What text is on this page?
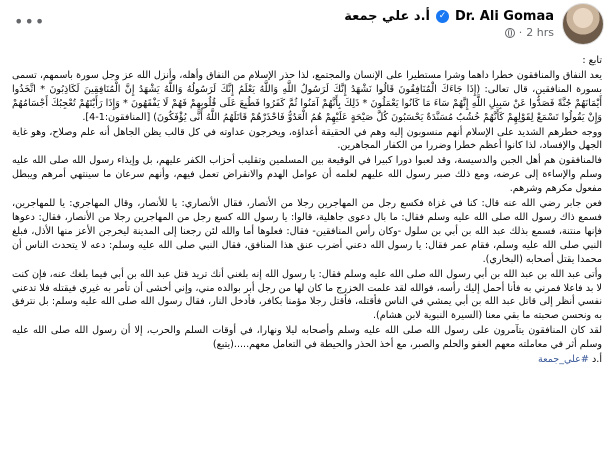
Dr. Ali Gomaa
✓
أ.د علي جمعة
2 hrs
·
•••

تابع :

يعد النفاق والمنافقون خطرا داهما وشرا مستطيرا على الإنسان والمجتمع، لذا حذر الإسلام من النفاق وأهله، وأنزل الله عز وجل سورة باسمهم، تسمى بسورة المنافقين، قال تعالى: (إِذَا جَاءَكَ الْمُنَافِقُونَ قَالُوا نَشْهَدُ إِنَّكَ لَرَسُولُ اللَّهِ وَاللَّهُ يَعْلَمُ إِنَّكَ لَرَسُولُهُ وَاللَّهُ يَشْهَدُ إِنَّ الْمُنَافِقِينَ لَكَاذِبُونَ * اتَّخَذُوا أَيْمَانَهُمْ جُنَّةً فَصَدُّوا عَنْ سَبِيلِ اللَّهِ إِنَّهُمْ سَاءَ مَا كَانُوا يَعْمَلُونَ * ذَلِكَ بِأَنَّهُمْ آمَنُوا ثُمَّ كَفَرُوا فَطُبِعَ عَلَى قُلُوبِهِمْ فَهُمْ لَا يَفْقَهُونَ * وَإِذَا رَأَيْتَهُمْ تُعْجِبُكَ أَجْسَامُهُمْ وَإِنْ يَقُولُوا تَسْمَعْ لِقَوْلِهِمْ كَأَنَّهُمْ خُشُبٌ مُسَنَّدَةٌ يَحْسَبُونَ كُلَّ صَيْحَةٍ عَلَيْهِمْ هُمُ الْعَدُوُّ فَاحْذَرْهُمْ قَاتَلَهُمُ اللَّهُ أَنَّى يُؤْفَكُونَ) [المنافقون:1-4].

ووجه خطرهم الشديد على الإسلام أنهم منسوبون إليه وهم في الحقيقة أعداؤه، ويخرجون عداوته في كل قالب يظن الجاهل أنه علم وصلاح، وهو غاية الجهل والإفساد، لذا كانوا أعظم خطرا وضررا من الكفار المجاهرين.

فالمنافقون هم أهل الجبن والدسيسة، وقد لعبوا دورا كبيرا في الوقيعة بين المسلمين وتقليب أحزاب الكفر عليهم، بل وإيذاء رسول الله صلى الله عليه وسلم والإساءة إلى عرضه، ومع ذلك صبر رسول الله عليهم لعلمه أن عوامل الهدم والانقراض تعمل فيهم، وأنهم سرعان ما سينتهي أمرهم ويبطل مفعول مكرهم وشرهم.

فعن جابر رضي الله عنه قال: كنا في غزاة فكسع رجل من المهاجرين رجلا من الأنصار، فقال الأنصاري: يا للأنصار، وقال المهاجري: يا للمهاجرين، فسمع ذاك رسول الله صلى الله عليه وسلم فقال: ما بال دعوى جاهلية، قالوا: يا رسول الله كسع رجل من المهاجرين رجلا من الأنصار، فقال: دعوها فإنها منتنة، فسمع بذلك عبد الله بن أبي بن سلول -وكان رأس المنافقين- فقال: فعلوها أما والله لئن رجعنا إلى المدينة ليخرجن الأعز منها الأذل، فبلغ النبي صلى الله عليه وسلم، فقام عمر فقال: يا رسول الله دعني أضرب عنق هذا المنافق، فقال النبي صلى الله عليه وسلم: دعه لا يتحدث الناس أن محمدا يقتل أصحابه (البخاري).

وأتى عبد الله بن عبد الله بن أبي رسول الله صلى الله عليه وسلم فقال: يا رسول الله إنه بلغني أنك تريد قتل عبد الله بن أبي فيما بلغك عنه، فإن كنت لا بد فاعلا فمرني به فأنا أحمل إليك رأسه، فوالله لقد علمت الخزرج ما كان لها من رجل أبر بوالده مني، وإني أخشى أن تأمر به غيري فيقتله فلا تدعني نفسي أنظر إلى قاتل عبد الله بن أبي يمشي في الناس فأقتله، فأقتل رجلا مؤمنا بكافر، فأدخل النار، فقال رسول الله صلى الله عليه وسلم: بل نترفق به ونحسن صحبته ما بقي معنا (السيرة النبوية لابن هشام).

لقد كان المنافقون يتآمرون على رسول الله صلى الله عليه وسلم وأصحابه ليلا ونهارا، في أوقات السلم والحرب، إلا أن رسول الله صلى الله عليه وسلم أثر في معاملته معهم العفو والحلم والصبر، مع أخذ الحذر والحيطة في التعامل معهم.....(يتبع)

أ.د #علي_جمعة
